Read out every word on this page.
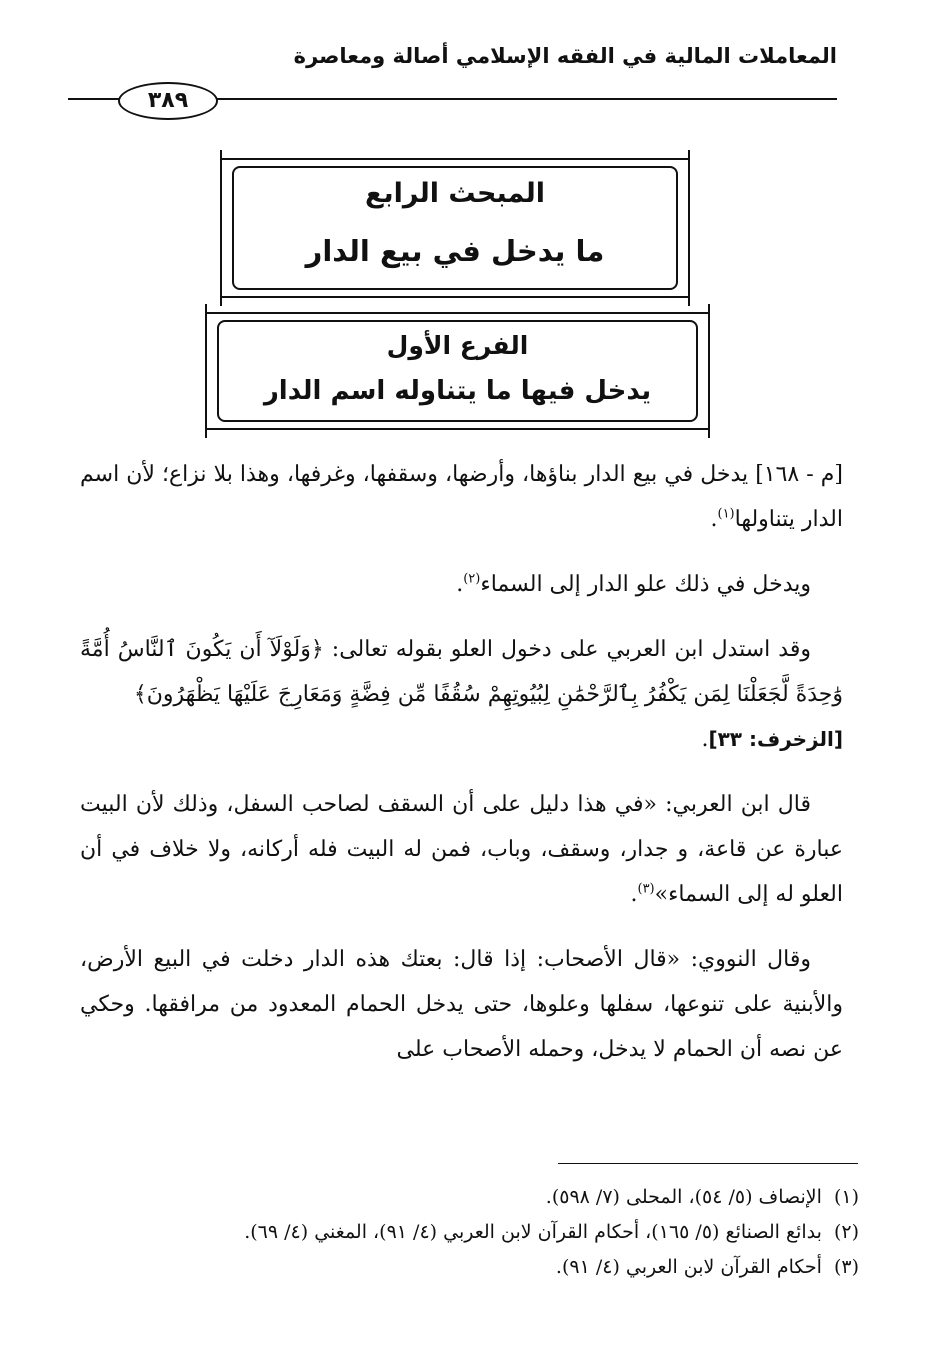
المعاملات المالية في الفقه الإسلامي أصالة ومعاصرة
٣٨٩
المبحث الرابع
ما يدخل في بيع الدار
الفرع الأول
يدخل فيها ما يتناوله اسم الدار

[م - ١٦٨] يدخل في بيع الدار بناؤها، وأرضها، وسقفها، وغرفها، وهذا بلا نزاع؛ لأن اسم الدار يتناولها$^{(١)}$.

ويدخل في ذلك علو الدار إلى السماء$^{(٢)}$.

وقد استدل ابن العربي على دخول العلو بقوله تعالى: ﴿وَلَوْلَآ أَن يَكُونَ ٱلنَّاسُ أُمَّةً وَٰحِدَةً لَّجَعَلْنَا لِمَن يَكْفُرُ بِٱلرَّحْمَٰنِ لِبُيُوتِهِمْ سُقُفًا مِّن فِضَّةٍ وَمَعَارِجَ عَلَيْهَا يَظْهَرُونَ﴾
[الزخرف: ٣٣].

قال ابن العربي: «في هذا دليل على أن السقف لصاحب السفل، وذلك لأن البيت عبارة عن قاعة، و جدار، وسقف، وباب، فمن له البيت فله أركانه، ولا خلاف في أن العلو له إلى السماء»$^{(٣)}$.

وقال النووي: «قال الأصحاب: إذا قال: بعتك هذه الدار دخلت في البيع الأرض، والأبنية على تنوعها، سفلها وعلوها، حتى يدخل الحمام المعدود من مرافقها. وحكي عن نصه أن الحمام لا يدخل، وحمله الأصحاب على

(١)الإنصاف (٥/ ٥٤)، المحلى (٧/ ٥٩٨).
(٢)بدائع الصنائع (٥/ ١٦٥)، أحكام القرآن لابن العربي (٤/ ٩١)، المغني (٤/ ٦٩).
(٣)أحكام القرآن لابن العربي (٤/ ٩١).
